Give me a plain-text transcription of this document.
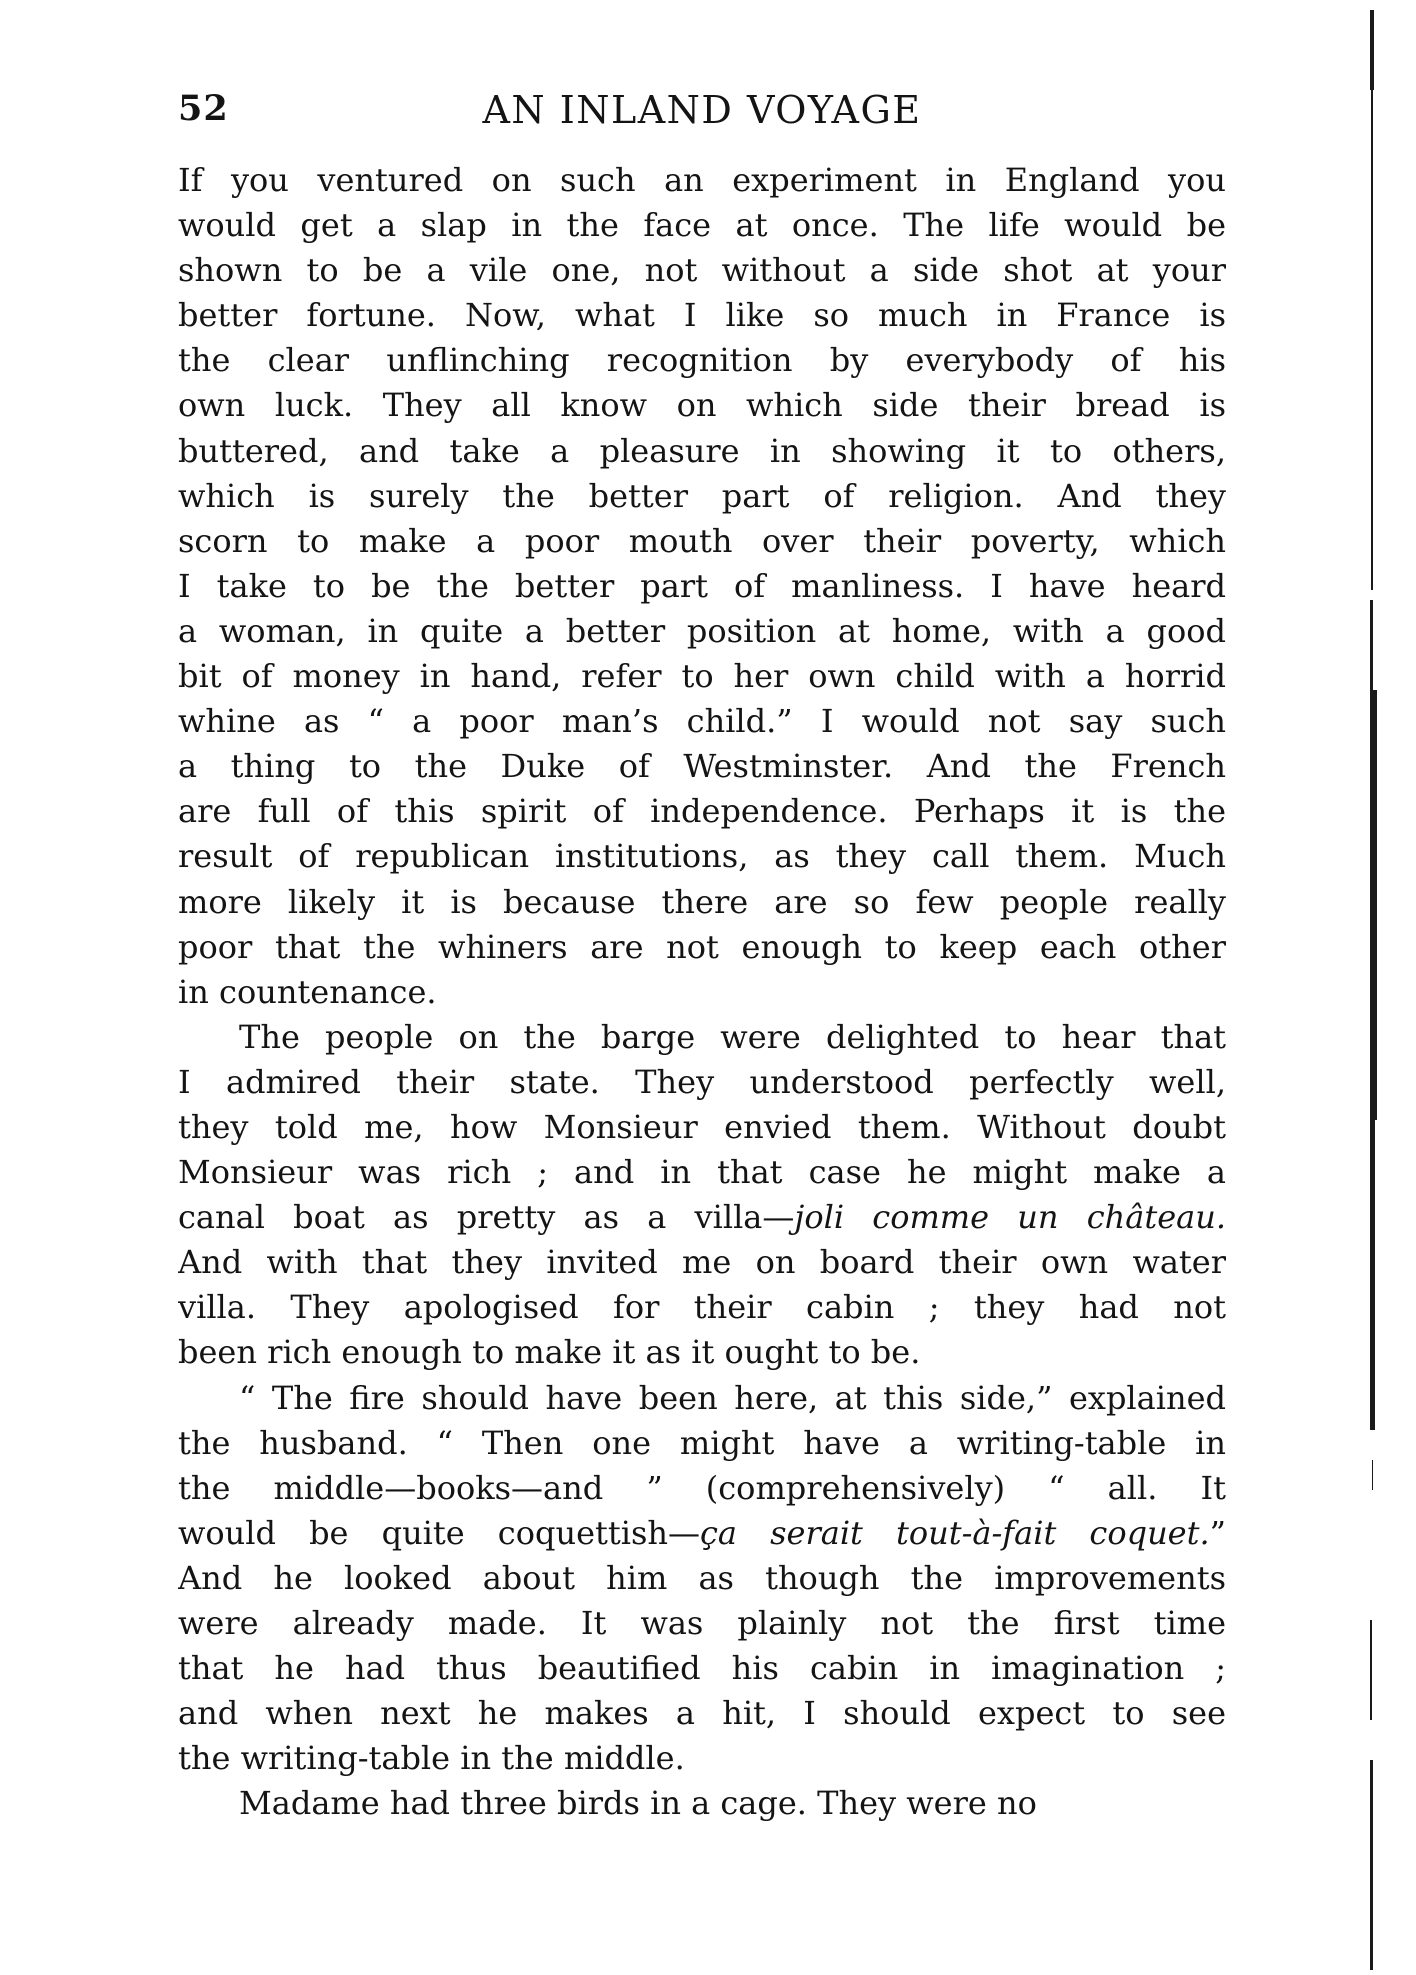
52	AN INLAND VOYAGE
If you ventured on such an experiment in England you
would get a slap in the face at once. The life would be
shown to be a vile one, not without a side shot at your
better fortune. Now, what I like so much in France is
the clear unflinching recognition by everybody of his
own luck. They all know on which side their bread is
buttered, and take a pleasure in showing it to others,
which is surely the better part of religion. And they
scorn to make a poor mouth over their poverty, which
I take to be the better part of manliness. I have heard
a woman, in quite a better position at home, with a good
bit of money in hand, refer to her own child with a horrid
whine as “ a poor man’s child.” I would not say such
a thing to the Duke of Westminster. And the French
are full of this spirit of independence. Perhaps it is the
result of republican institutions, as they call them. Much
more likely it is because there are so few people really
poor that the whiners are not enough to keep each other
in countenance.
The people on the barge were delighted to hear that
I admired their state. They understood perfectly well,
they told me, how Monsieur envied them. Without doubt
Monsieur was rich ; and in that case he might make a
canal boat as pretty as a villa—joli comme un château.
And with that they invited me on board their own water
villa. They apologised for their cabin ; they had not
been rich enough to make it as it ought to be.
“ The fire should have been here, at this side,” explained
the husband. “ Then one might have a writing-table in
the middle—books—and ” (comprehensively) “ all. It
would be quite coquettish—ça serait tout-à-fait coquet.”
And he looked about him as though the improvements
were already made. It was plainly not the first time
that he had thus beautified his cabin in imagination ;
and when next he makes a hit, I should expect to see
the writing-table in the middle.
Madame had three birds in a cage. They were no
